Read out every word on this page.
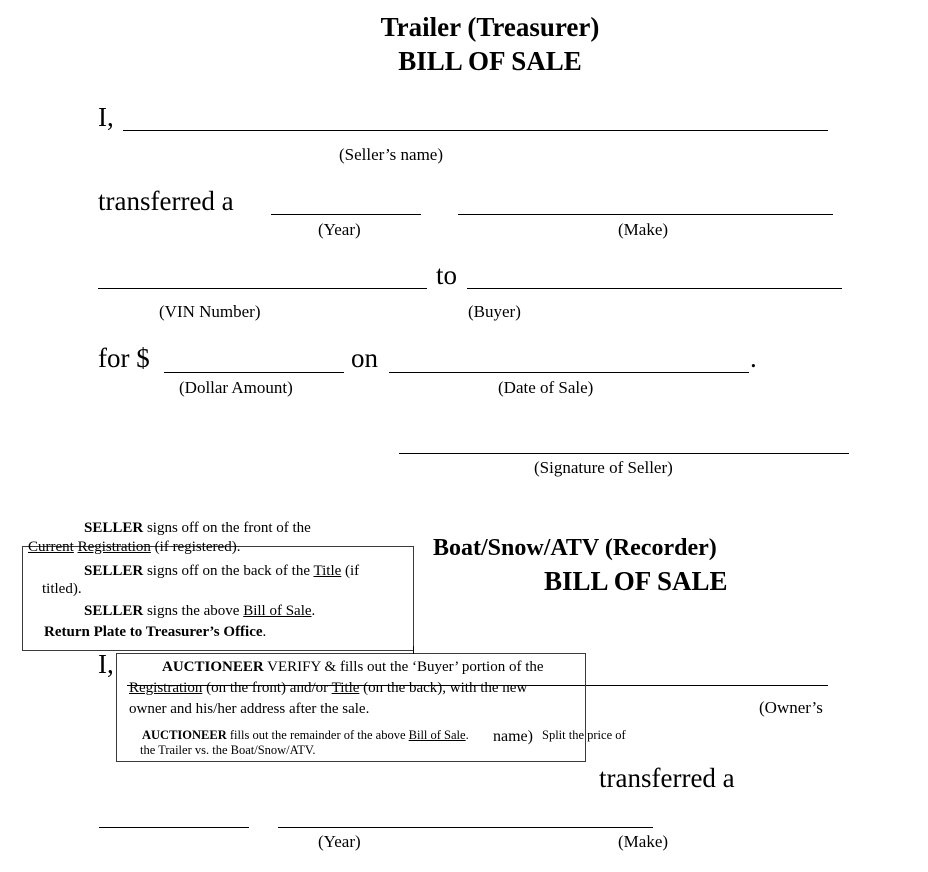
Trailer (Treasurer)
BILL OF SALE
I,
(Seller’s name)
transferred a
(Year)	(Make)
to
(VIN Number)	(Buyer)
for $	on	.
(Dollar Amount)	(Date of Sale)
(Signature of Seller)
SELLER signs off on the front of the
Current Registration (if registered).
SELLER signs off on the back of the Title (if
titled).
SELLER signs the above Bill of Sale.
Return Plate to Treasurer’s Office.
Boat/Snow/ATV (Recorder)
BILL OF SALE
I,
(Owner’s
AUCTIONEER VERIFY & fills out the ‘Buyer’ portion of the
Registration (on the front) and/or Title (on the back), with the new
owner and his/her address after the sale.
AUCTIONEER fills out the remainder of the above Bill of Sale. name) Split the price of
the Trailer vs. the Boat/Snow/ATV.
transferred a
(Year)	(Make)
